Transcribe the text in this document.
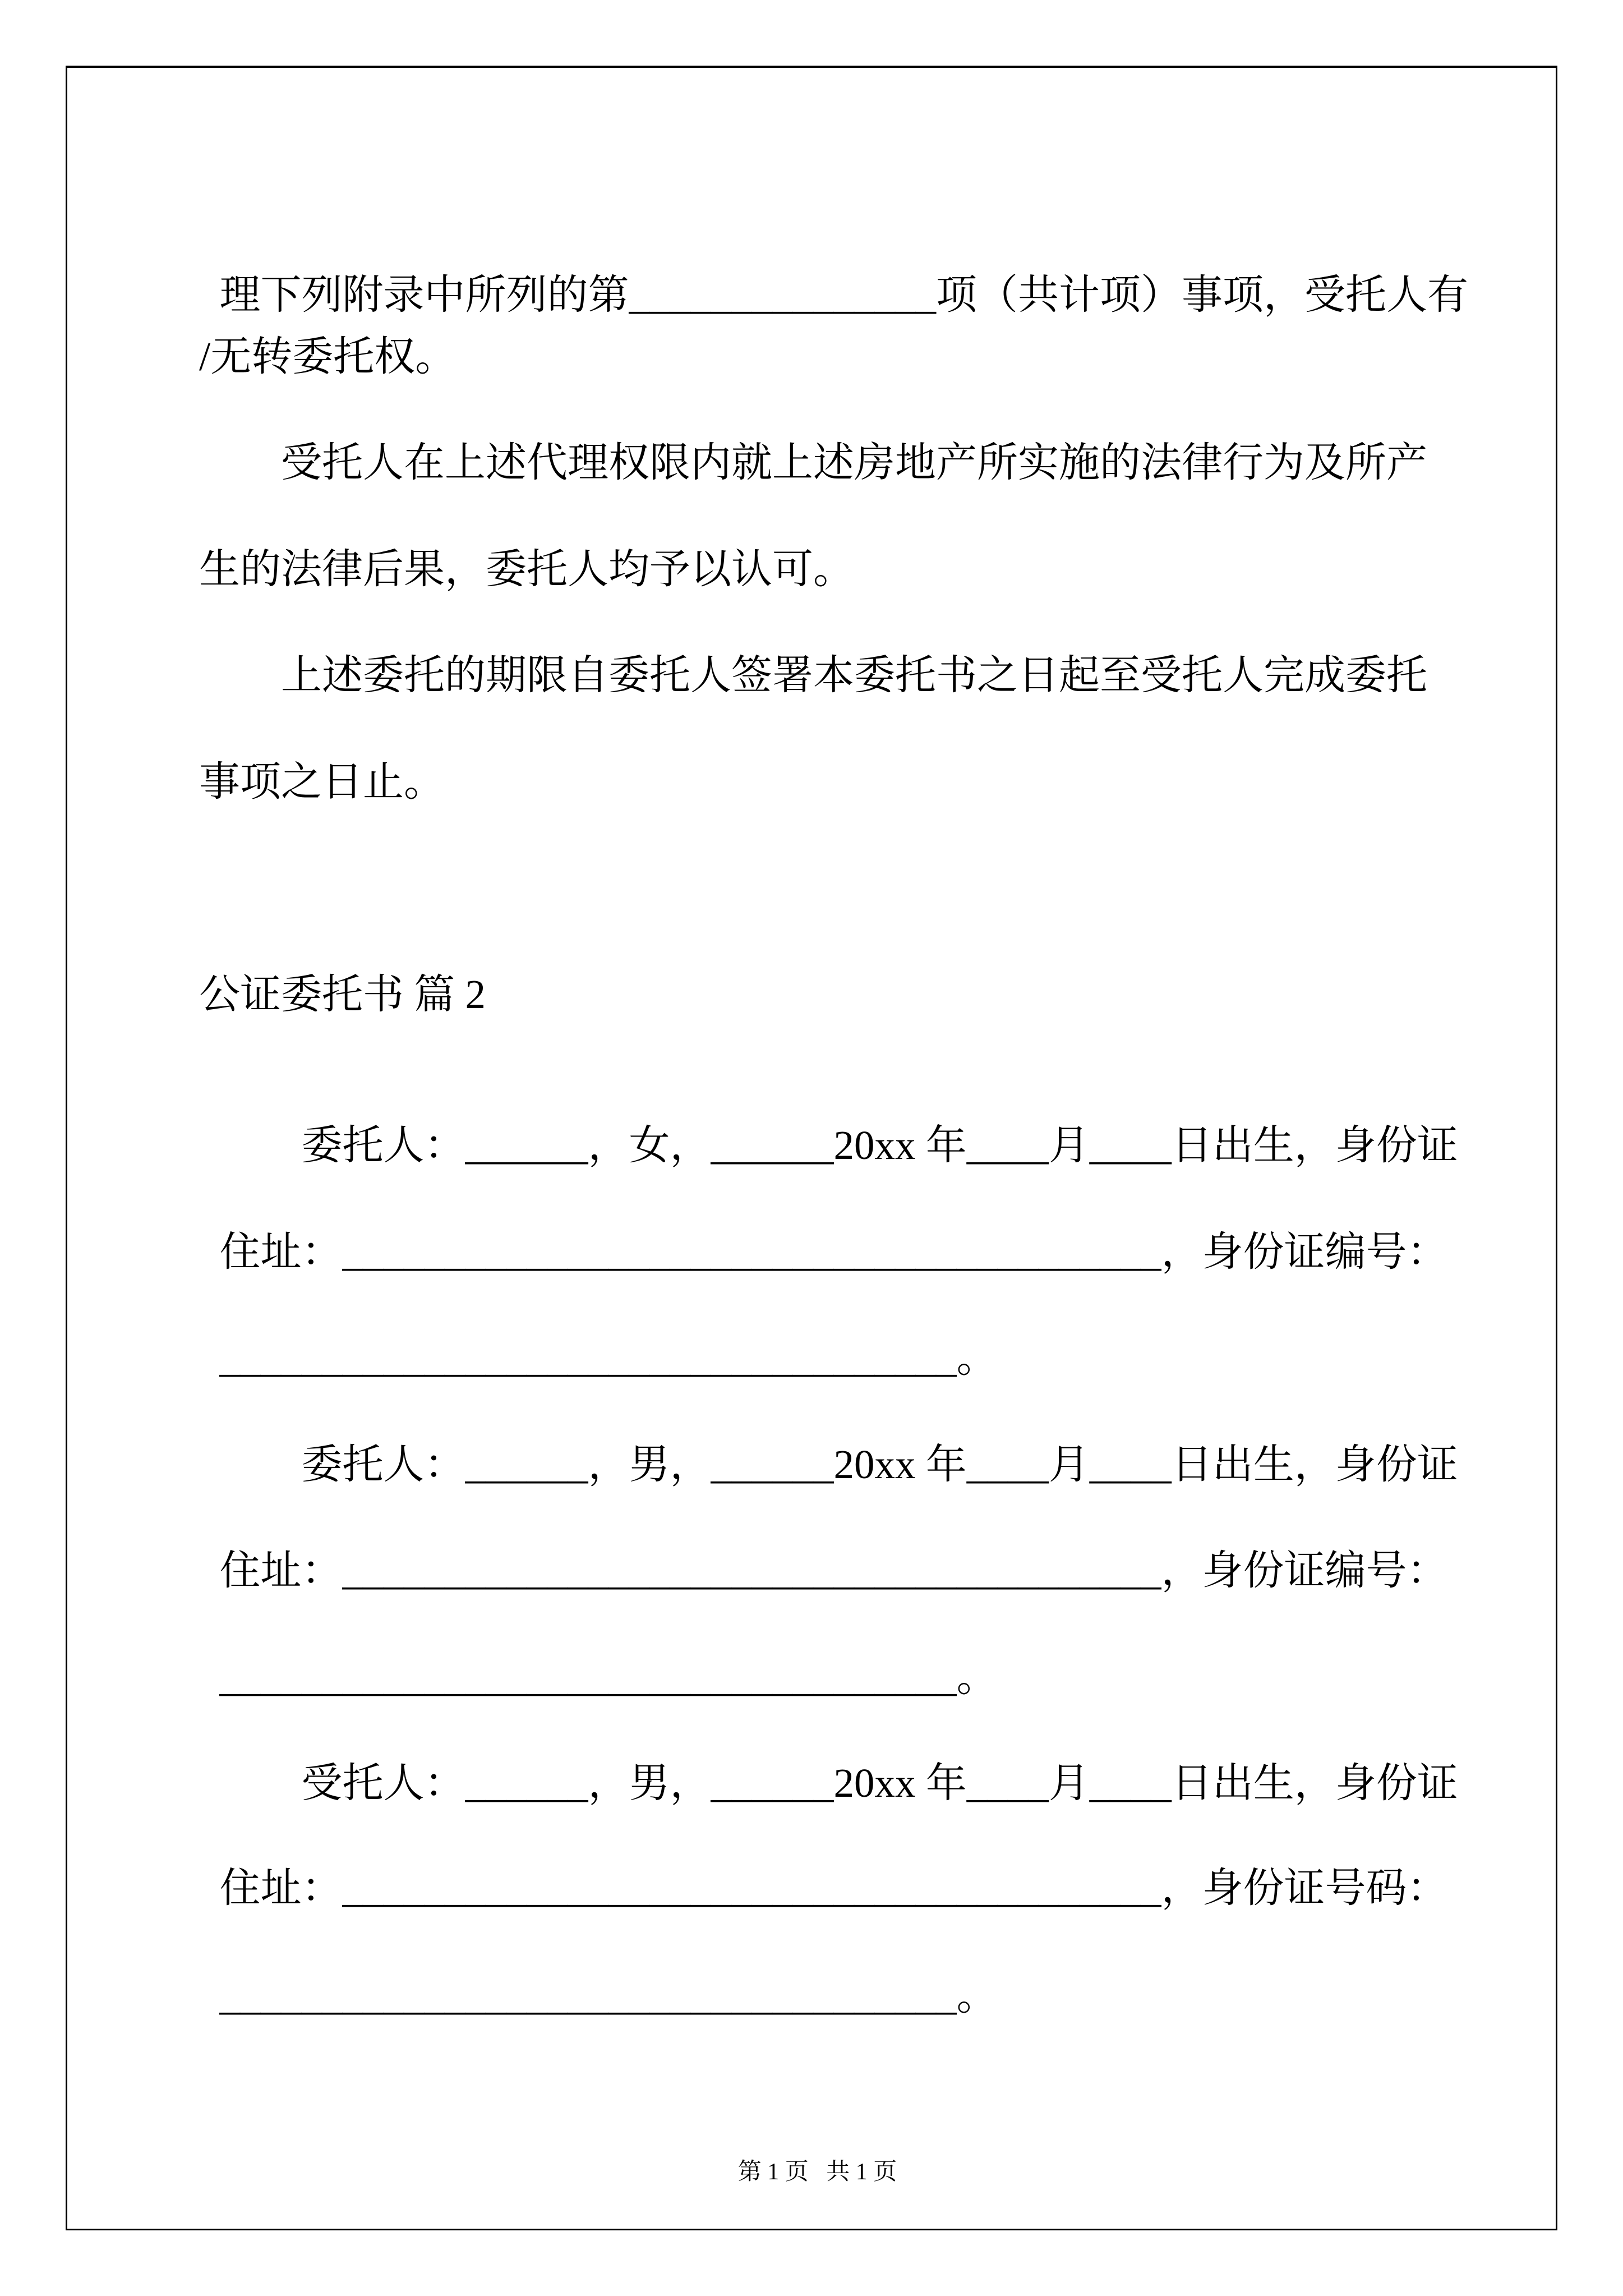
理下列附录中所列的第_______________项（共计项）事项，受托人有

/无转委托权。
受托人在上述代理权限内就上述房地产所实施的法律行为及所产
生的法律后果，委托人均予以认可。
上述委托的期限自委托人签署本委托书之日起至受托人完成委托
事项之日止。
公证委托书 篇 2

委托人：______，女，______20xx 年____月____日出生，身份证

住址：________________________________________，身份证编号：

____________________________________。

委托人：______，男，______20xx 年____月____日出生，身份证

住址：________________________________________，身份证编号：

____________________________________。

受托人：______，男，______20xx 年____月____日出生，身份证

住址：________________________________________，身份证号码：

____________________________________。

第 1 页 共 1 页
